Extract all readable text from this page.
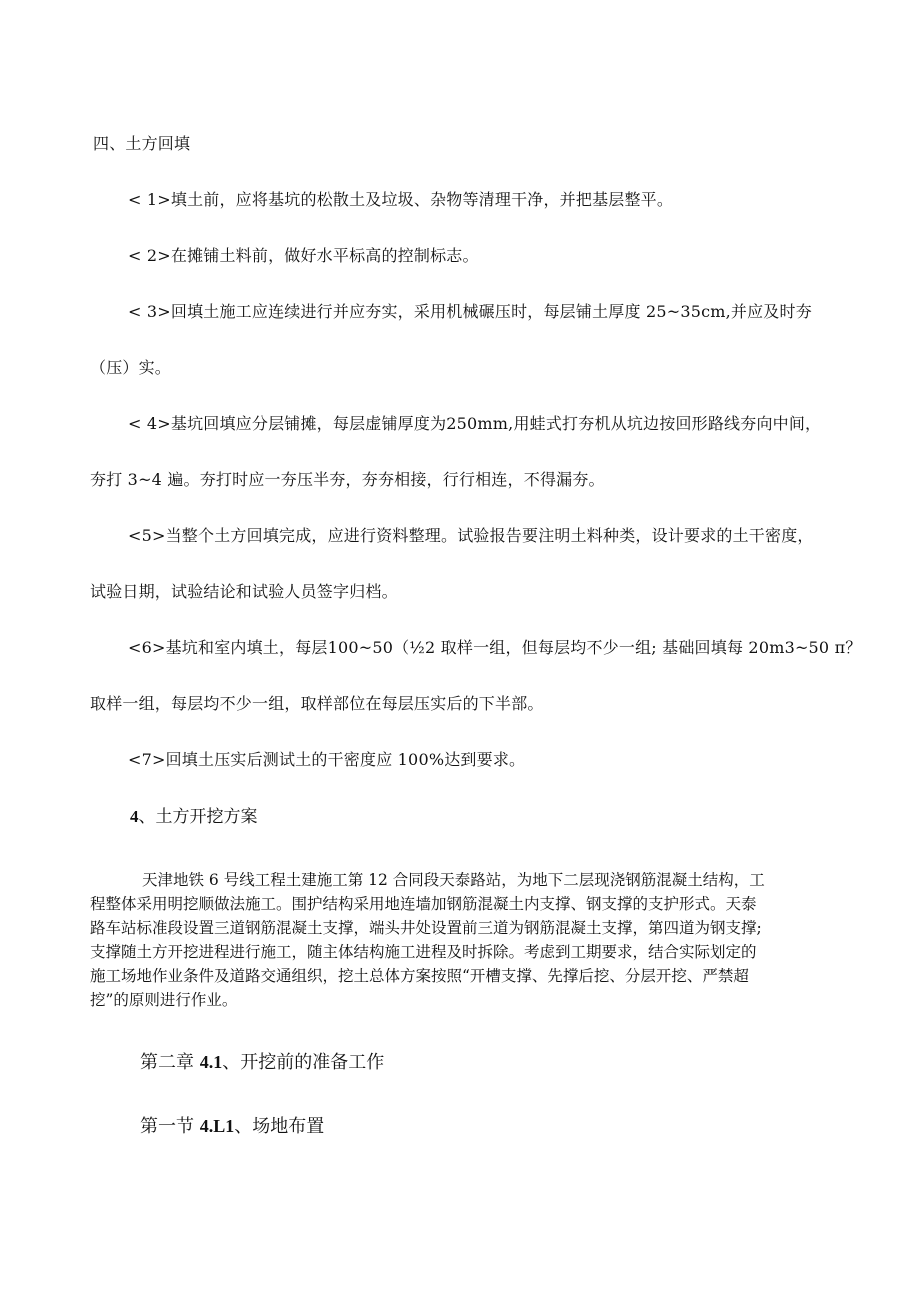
四、土方回填
< 1>填土前，应将基坑的松散土及垃圾、杂物等清理干净，并把基层整平。
< 2>在摊铺土料前，做好水平标高的控制标志。
< 3>回填土施工应连续进行并应夯实，采用机械碾压时，每层铺土厚度 25~35cm,并应及时夯
（压）实。
< 4>基坑回填应分层铺摊，每层虚铺厚度为250mm,用蛙式打夯机从坑边按回形路线夯向中间，
夯打 3~4 遍。夯打时应一夯压半夯，夯夯相接，行行相连，不得漏夯。
<5>当整个土方回填完成，应进行资料整理。试验报告要注明土料种类，设计要求的土干密度，
试验日期，试验结论和试验人员签字归档。
<6>基坑和室内填土，每层100~50（½2 取样一组，但每层均不少一组; 基础回填每 20m3~50 π？
取样一组，每层均不少一组，取样部位在每层压实后的下半部。
<7>回填土压实后测试土的干密度应 100%达到要求。
4、土方开挖方案

天津地铁 6 号线工程土建施工第 12 合同段天泰路站，为地下二层现浇钢筋混凝土结构，工

程整体采用明挖顺做法施工。围护结构采用地连墙加钢筋混凝土内支撑、钢支撑的支护形式。天泰

路车站标准段设置三道钢筋混凝土支撑，端头井处设置前三道为钢筋混凝土支撑，第四道为钢支撑;

支撑随土方开挖进程进行施工，随主体结构施工进程及时拆除。考虑到工期要求，结合实际划定的

施工场地作业条件及道路交通组织，挖土总体方案按照“开槽支撑、先撑后挖、分层开挖、严禁超

挖”的原则进行作业。

第二章 4.1、开挖前的准备工作
第一节 4.L1、场地布置
